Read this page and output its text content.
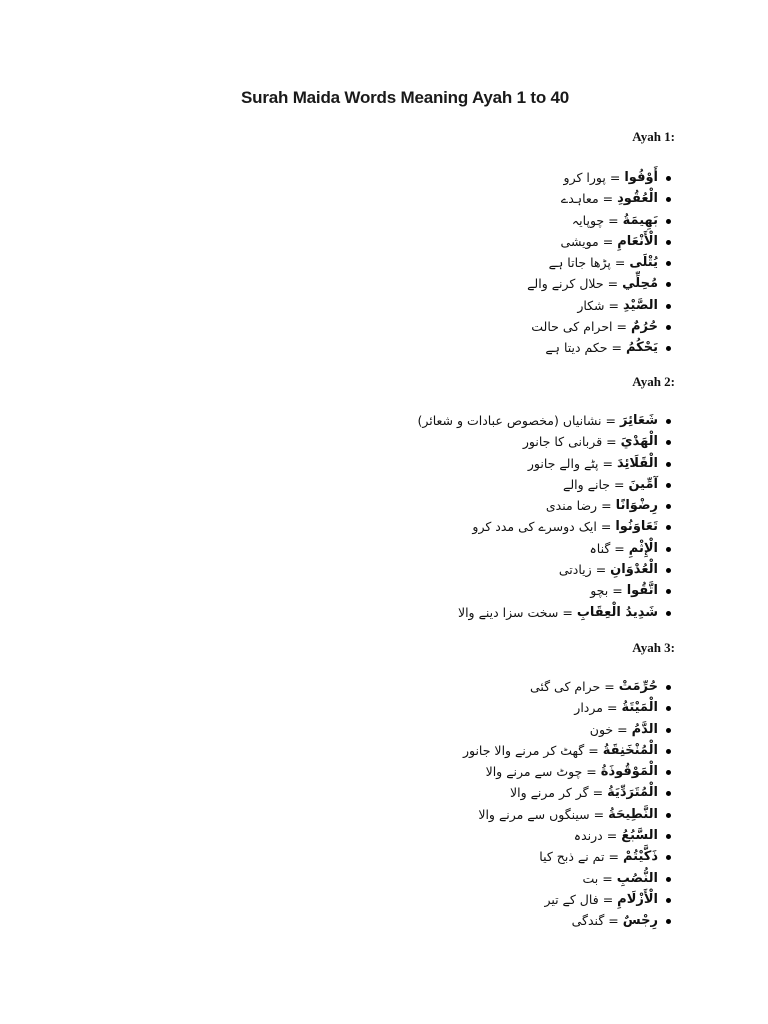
Surah Maida Words Meaning Ayah 1 to 40
Ayah 1:
أَوْفُوا
=
پورا کرو
الْعُقُودِ
=
معاہدے
بَهِيمَةُ
=
چوپایہ
الْأَنْعَامِ
=
مویشی
يُتْلَى
=
پڑھا جاتا ہے
مُحِلِّي
=
حلال کرنے والے
الصَّيْدِ
=
شکار
حُرُمٌ
=
احرام کی حالت
يَحْكُمُ
=
حکم دیتا ہے
Ayah 2:
شَعَائِرَ
=
نشانیاں (مخصوص عبادات و شعائر)
الْهَدْيَ
=
قربانی کا جانور
الْقَلَائِدَ
=
پٹے والے جانور
آمِّينَ
=
جانے والے
رِضْوَانًا
=
رضا مندی
تَعَاوَنُوا
=
ایک دوسرے کی مدد کرو
الْإِثْمِ
=
گناہ
الْعُدْوَانِ
=
زیادتی
اتَّقُوا
=
بچو
شَدِيدُ الْعِقَابِ
=
سخت سزا دینے والا
Ayah 3:
حُرِّمَتْ
=
حرام کی گئی
الْمَيْتَةُ
=
مردار
الدَّمُ
=
خون
الْمُنْخَنِقَةُ
=
گھٹ کر مرنے والا جانور
الْمَوْقُوذَةُ
=
چوٹ سے مرنے والا
الْمُتَرَدِّيَةُ
=
گر کر مرنے والا
النَّطِيحَةُ
=
سینگوں سے مرنے والا
السَّبُعُ
=
درندہ
ذَكَّيْتُمْ
=
تم نے ذبح کیا
النُّصُبِ
=
بت
الْأَزْلَامِ
=
فال کے تیر
رِجْسٌ
=
گندگی
